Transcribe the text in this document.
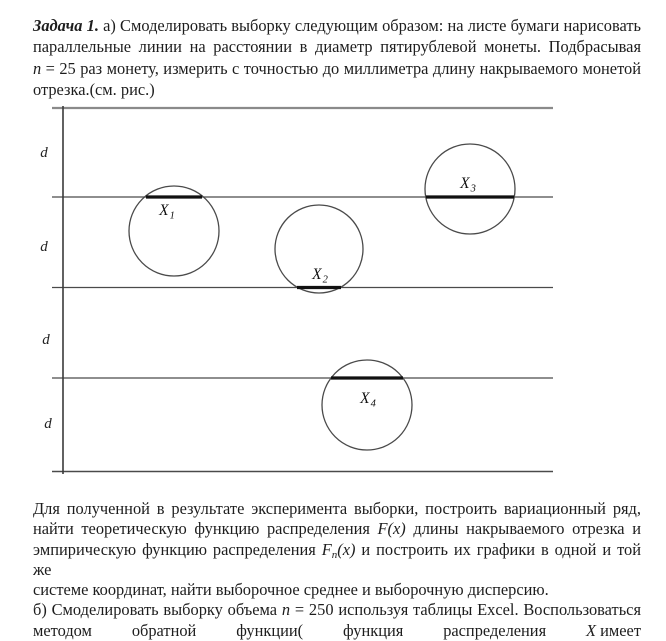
Задача 1. а) Смоделировать выборку следующим образом: на листе бумаги нарисовать
параллельные линии на расстоянии в диаметр пятирублевой монеты. Подбрасывая
n = 25 раз монету, измерить с точностью до миллиметра длину накрываемого монетой
отрезка.(см. рис.)
d
d
d
d
$X_1$
$X_2$
$X_3$
$X_4$
Для полученной в результате эксперимента выборки, построить вариационный ряд,
найти теоретическую функцию распределения F(x) длины накрываемого отрезка и
эмпирическую функцию распределения $F_n(x)$ и построить их графики в одной и той же
системе координат, найти выборочное среднее и выборочную дисперсию.
б) Смоделировать выборку объема n = 250 используя таблицы Excel. Воспользоваться
методом обратной функции( функция распределения X имеет
